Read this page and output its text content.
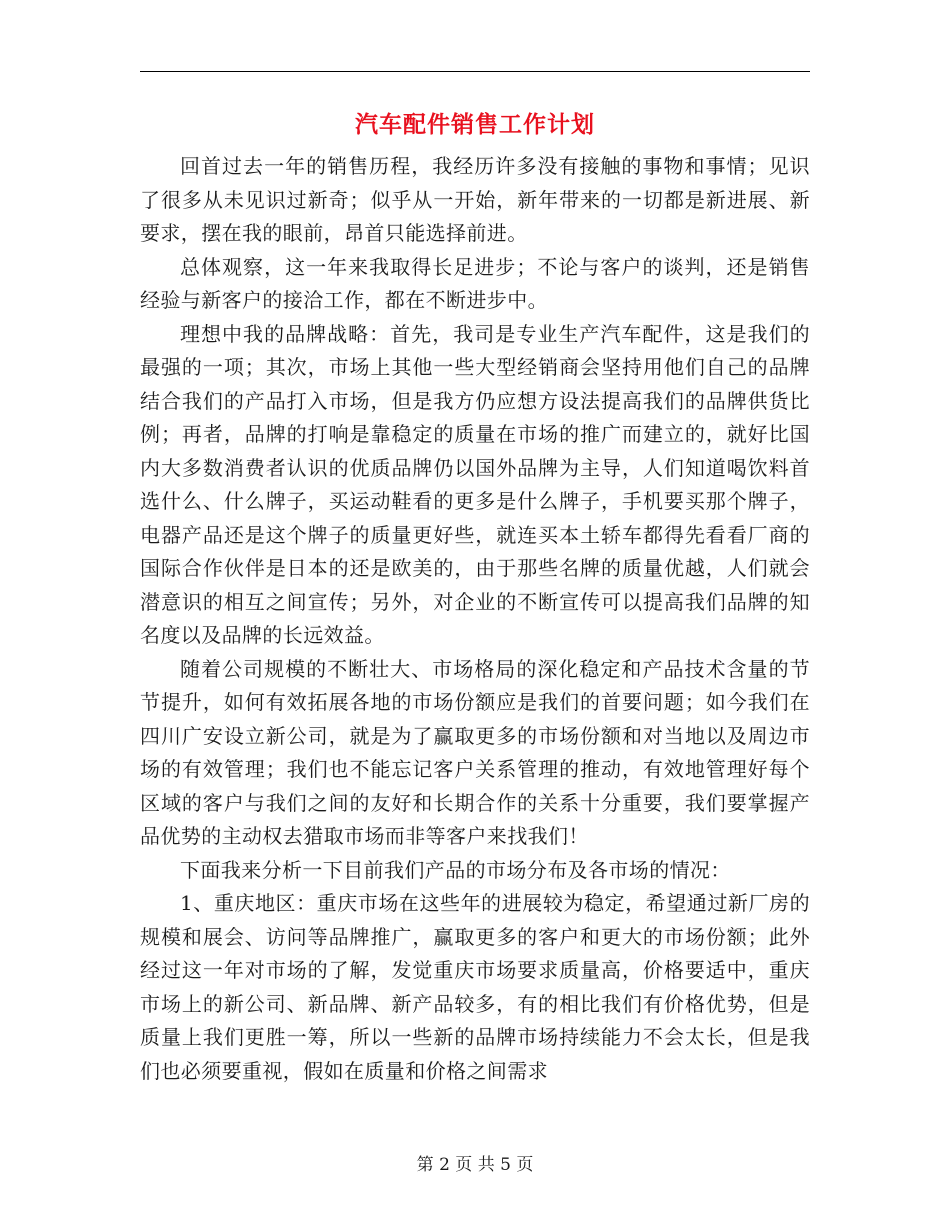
汽车配件销售工作计划

回首过去一年的销售历程，我经历许多没有接触的事物和事情；见识了很多从未见识过新奇；似乎从一开始，新年带来的一切都是新进展、新要求，摆在我的眼前，昂首只能选择前进。

总体观察，这一年来我取得长足进步；不论与客户的谈判，还是销售经验与新客户的接洽工作，都在不断进步中。

理想中我的品牌战略：首先，我司是专业生产汽车配件，这是我们的最强的一项；其次，市场上其他一些大型经销商会坚持用他们自己的品牌结合我们的产品打入市场，但是我方仍应想方设法提高我们的品牌供货比例；再者，品牌的打响是靠稳定的质量在市场的推广而建立的，就好比国内大多数消费者认识的优质品牌仍以国外品牌为主导，人们知道喝饮料首选什么、什么牌子，买运动鞋看的更多是什么牌子，手机要买那个牌子，电器产品还是这个牌子的质量更好些，就连买本土轿车都得先看看厂商的国际合作伙伴是日本的还是欧美的，由于那些名牌的质量优越，人们就会潜意识的相互之间宣传；另外，对企业的不断宣传可以提高我们品牌的知名度以及品牌的长远效益。

随着公司规模的不断壮大、市场格局的深化稳定和产品技术含量的节节提升，如何有效拓展各地的市场份额应是我们的首要问题；如今我们在四川广安设立新公司，就是为了赢取更多的市场份额和对当地以及周边市场的有效管理；我们也不能忘记客户关系管理的推动，有效地管理好每个区域的客户与我们之间的友好和长期合作的关系十分重要，我们要掌握产品优势的主动权去猎取市场而非等客户来找我们！

下面我来分析一下目前我们产品的市场分布及各市场的情况：

1、重庆地区：重庆市场在这些年的进展较为稳定，希望通过新厂房的规模和展会、访问等品牌推广，赢取更多的客户和更大的市场份额；此外经过这一年对市场的了解，发觉重庆市场要求质量高，价格要适中，重庆市场上的新公司、新品牌、新产品较多，有的相比我们有价格优势，但是质量上我们更胜一筹，所以一些新的品牌市场持续能力不会太长，但是我们也必须要重视，假如在质量和价格之间需求

第 2 页 共 5 页
